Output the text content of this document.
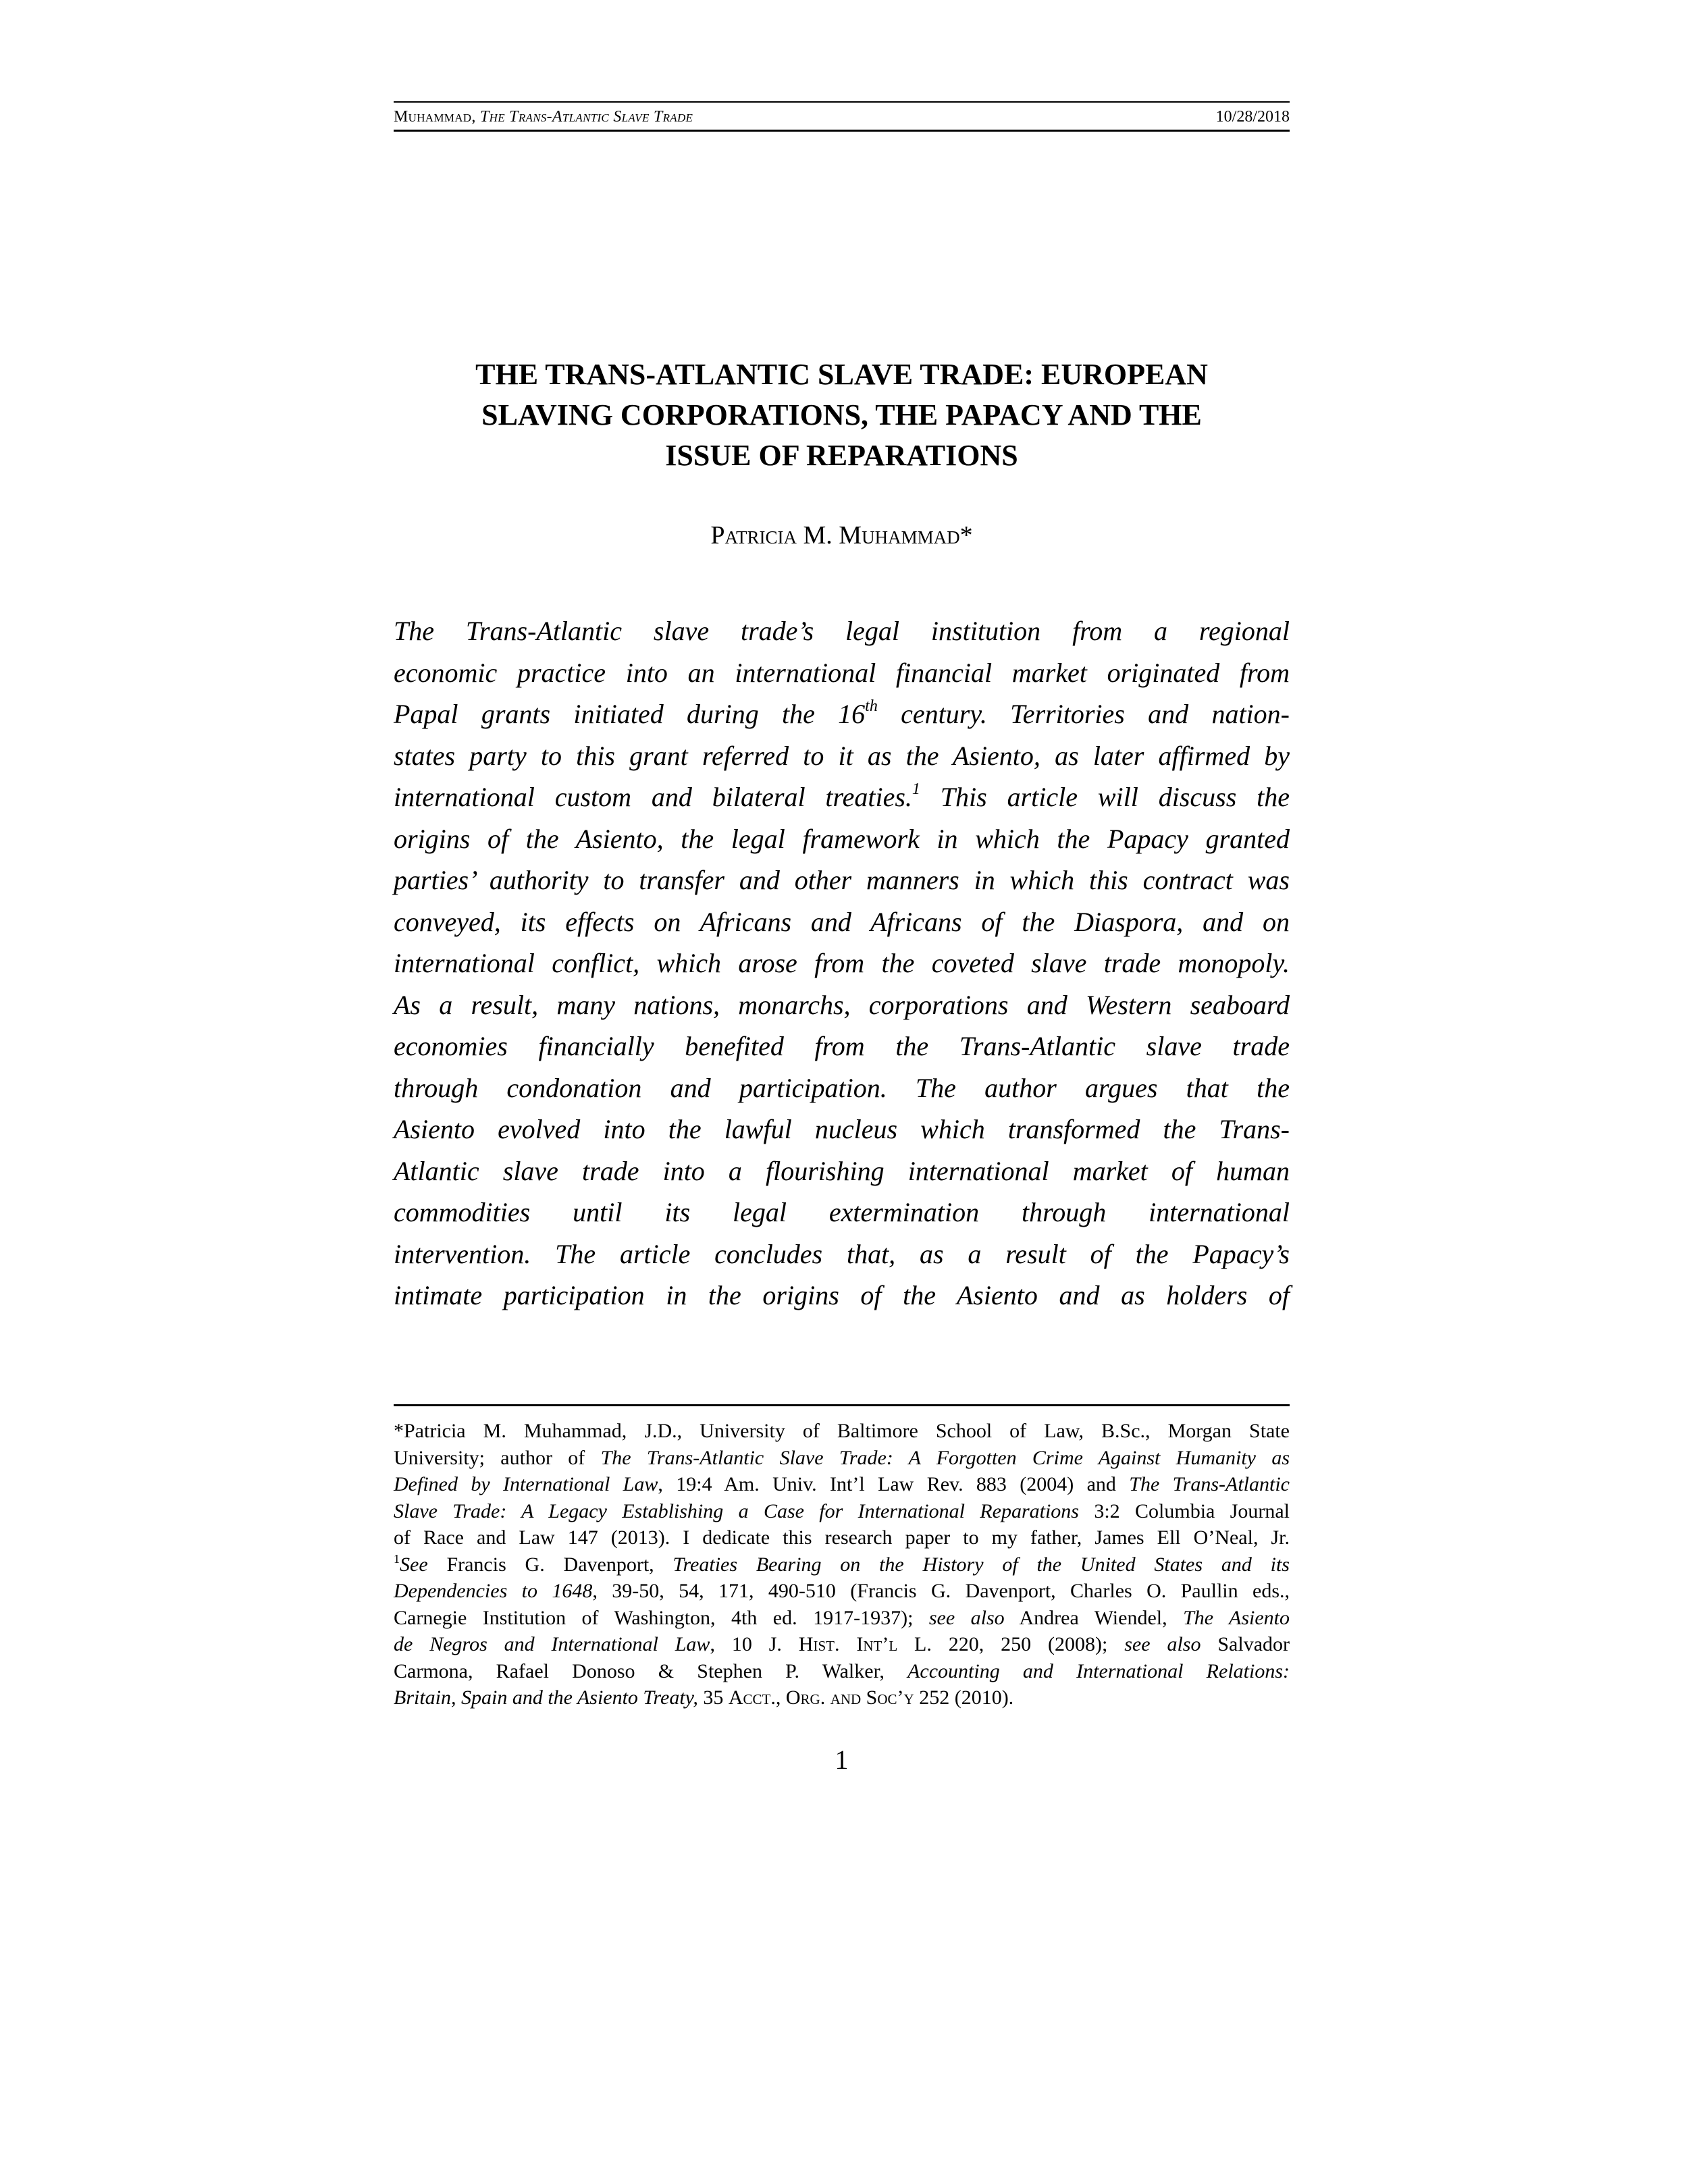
Muhammad, The Trans-Atlantic Slave Trade	10/28/2018
THE TRANS-ATLANTIC SLAVE TRADE: EUROPEAN
SLAVING CORPORATIONS, THE PAPACY AND THE
ISSUE OF REPARATIONS
Patricia M. Muhammad*
The Trans-Atlantic slave trade’s legal institution from a regional
economic practice into an international financial market originated from
Papal grants initiated during the 16th century. Territories and nation-
states party to this grant referred to it as the Asiento, as later affirmed by
international custom and bilateral treaties.$^1$ This article will discuss the
origins of the Asiento, the legal framework in which the Papacy granted
parties’ authority to transfer and other manners in which this contract was
conveyed, its effects on Africans and Africans of the Diaspora, and on
international conflict, which arose from the coveted slave trade monopoly.
As a result, many nations, monarchs, corporations and Western seaboard
economies financially benefited from the Trans-Atlantic slave trade
through condonation and participation. The author argues that the
Asiento evolved into the lawful nucleus which transformed the Trans-
Atlantic slave trade into a flourishing international market of human
commodities until its legal extermination through international
intervention. The article concludes that, as a result of the Papacy’s
intimate participation in the origins of the Asiento and as holders of
*Patricia M. Muhammad, J.D., University of Baltimore School of Law, B.Sc., Morgan State
University; author of The Trans-Atlantic Slave Trade: A Forgotten Crime Against Humanity as
Defined by International Law, 19:4 Am. Univ. Int’l Law Rev. 883 (2004) and The Trans-Atlantic
Slave Trade: A Legacy Establishing a Case for International Reparations 3:2 Columbia Journal
of Race and Law 147 (2013). I dedicate this research paper to my father, James Ell O’Neal, Jr.
$^1$See Francis G. Davenport, Treaties Bearing on the History of the United States and its
Dependencies to 1648, 39-50, 54, 171, 490-510 (Francis G. Davenport, Charles O. Paullin eds.,
Carnegie Institution of Washington, 4th ed. 1917-1937); see also Andrea Wiendel, The Asiento
de Negros and International Law, 10 J. Hist. Int’l L. 220, 250 (2008); see also Salvador
Carmona, Rafael Donoso & Stephen P. Walker, Accounting and International Relations:
Britain, Spain and the Asiento Treaty, 35 Acct., Org. and Soc’y 252 (2010).
1
